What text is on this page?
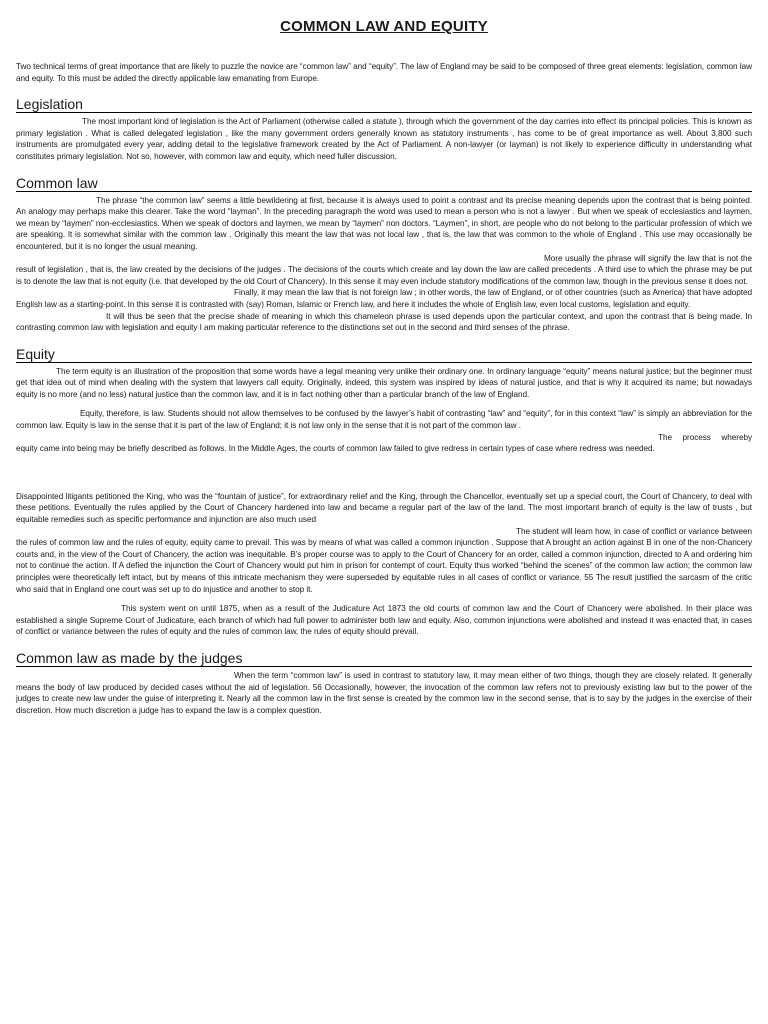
COMMON LAW AND EQUITY

Two technical terms of great importance that are likely to puzzle the novice are “common law” and “equity”. The law of England may be said to be composed of three great elements: legislation, common law and equity. To this must be added the directly applicable law emanating from Europe.

Legislation

The most important kind of legislation is the Act of Parliament (otherwise called a statute ), through which the government of the day carries into effect its principal policies. This is known as primary legislation . What is called delegated legislation , like the many government orders generally known as statutory instruments , has come to be of great importance as well. About 3,800 such instruments are promulgated every year, adding detail to the legislative framework created by the Act of Parliament. A non-lawyer (or layman) is not likely to experience difficulty in understanding what constitutes primary legislation. Not so, however, with common law and equity, which need fuller discussion.

Common law

The phrase “the common law” seems a little bewildering at first, because it is always used to point a contrast and its precise meaning depends upon the contrast that is being pointed. An analogy may perhaps make this clearer. Take the word “layman”. In the preceding paragraph the word was used to mean a person who is not a lawyer . But when we speak of ecclesiastics and laymen, we mean by “laymen” non-ecclesiastics. When we speak of doctors and laymen, we mean by “laymen” non doctors. “Laymen”, in short, are people who do not belong to the particular profession of which we are speaking. It is somewhat similar with the common law . Originally this meant the law that was not local law , that is, the law that was common to the whole of England . This use may occasionally be encountered, but it is no longer the usual meaning.

More usually the phrase will signify the law that is not the result of legislation , that is, the law created by the decisions of the judges . The decisions of the courts which create and lay down the law are called precedents . A third use to which the phrase may be put is to denote the law that is not equity (i.e. that developed by the old Court of Chancery). In this sense it may even include statutory modifications of the common law, though in the previous sense it does not.

Finally, it may mean the law that is not foreign law ; in other words, the law of England, or of other countries (such as America) that have adopted English law as a starting-point. In this sense it is contrasted with (say) Roman, Islamic or French law, and here it includes the whole of English law, even local customs, legislation and equity.

It will thus be seen that the precise shade of meaning in which this chameleon phrase is used depends upon the particular context, and upon the contrast that is being made. In contrasting common law with legislation and equity I am making particular reference to the distinctions set out in the second and third senses of the phrase.

Equity

The term equity is an illustration of the proposition that some words have a legal meaning very unlike their ordinary one. In ordinary language “equity” means natural justice; but the beginner must get that idea out of mind when dealing with the system that lawyers call equity. Originally, indeed, this system was inspired by ideas of natural justice, and that is why it acquired its name; but nowadays equity is no more (and no less) natural justice than the common law, and it is in fact nothing other than a particular branch of the law of England.

Equity, therefore, is law. Students should not allow themselves to be confused by the lawyer’s habit of contrasting “law” and “equity”, for in this context “law” is simply an abbreviation for the common law. Equity is law in the sense that it is part of the law of England; it is not law only in the sense that it is not part of the common law .

The process whereby equity came into being may be briefly described as follows. In the Middle Ages, the courts of common law failed to give redress in certain types of case where redress was needed.

Disappointed litigants petitioned the King, who was the “fountain of justice”, for extraordinary relief and the King, through the Chancellor, eventually set up a special court, the Court of Chancery, to deal with these petitions. Eventually the rules applied by the Court of Chancery hardened into law and became a regular part of the law of the land. The most important branch of equity is the law of trusts , but equitable remedies such as specific performance and injunction are also much used

The student will learn how, in case of conflict or variance between the rules of common law and the rules of equity, equity came to prevail. This was by means of what was called a common injunction . Suppose that A brought an action against B in one of the non-Chancery courts and, in the view of the Court of Chancery, the action was inequitable. B’s proper course was to apply to the Court of Chancery for an order, called a common injunction, directed to A and ordering him not to continue the action. If A defied the injunction the Court of Chancery would put him in prison for contempt of court. Equity thus worked “behind the scenes” of the common law action; the common law principles were theoretically left intact, but by means of this intricate mechanism they were superseded by equitable rules in all cases of conflict or variance. 55 The result justified the sarcasm of the critic who said that in England one court was set up to do injustice and another to stop it.

This system went on until 1875, when as a result of the Judicature Act 1873 the old courts of common law and the Court of Chancery were abolished. In their place was established a single Supreme Court of Judicature, each branch of which had full power to administer both law and equity. Also, common injunctions were abolished and instead it was enacted that, in cases of conflict or variance between the rules of equity and the rules of common law, the rules of equity should prevail.

Common law as made by the judges

When the term “common law” is used in contrast to statutory law, it may mean either of two things, though they are closely related. It generally means the body of law produced by decided cases without the aid of legislation. 56 Occasionally, however, the invocation of the common law refers not to previously existing law but to the power of the judges to create new law under the guise of interpreting it. Nearly all the common law in the first sense is created by the common law in the second sense, that is to say by the judges in the exercise of their discretion. How much discretion a judge has to expand the law is a complex question.
